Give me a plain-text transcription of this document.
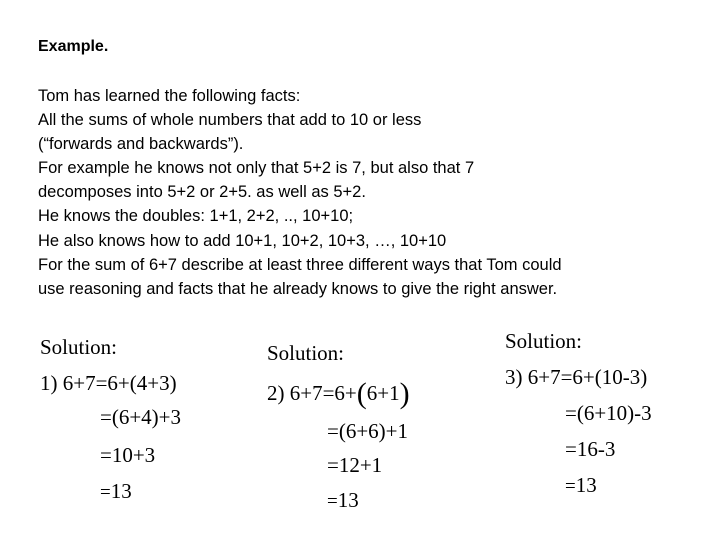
Example.
Tom has learned the following facts:
All the sums of whole numbers that add to 10 or less
(“forwards and backwards”).
For example he knows not only that 5+2 is 7, but also that 7
decomposes into 5+2 or 2+5. as well as 5+2.
He knows the doubles: 1+1, 2+2, .., 10+10;
He also knows how to add 10+1, 10+2, 10+3, …, 10+10
For the sum of 6+7 describe at least three different ways that Tom could
use reasoning and facts that he already knows to give the right answer.
Solution:
1) 6+7=6+(4+3)
=(6+4)+3
=10+3
=13
Solution:
2) 6+7=6+(6+1)
=(6+6)+1
=12+1
=13
Solution:
3) 6+7=6+(10-3)
=(6+10)-3
=16-3
=13
